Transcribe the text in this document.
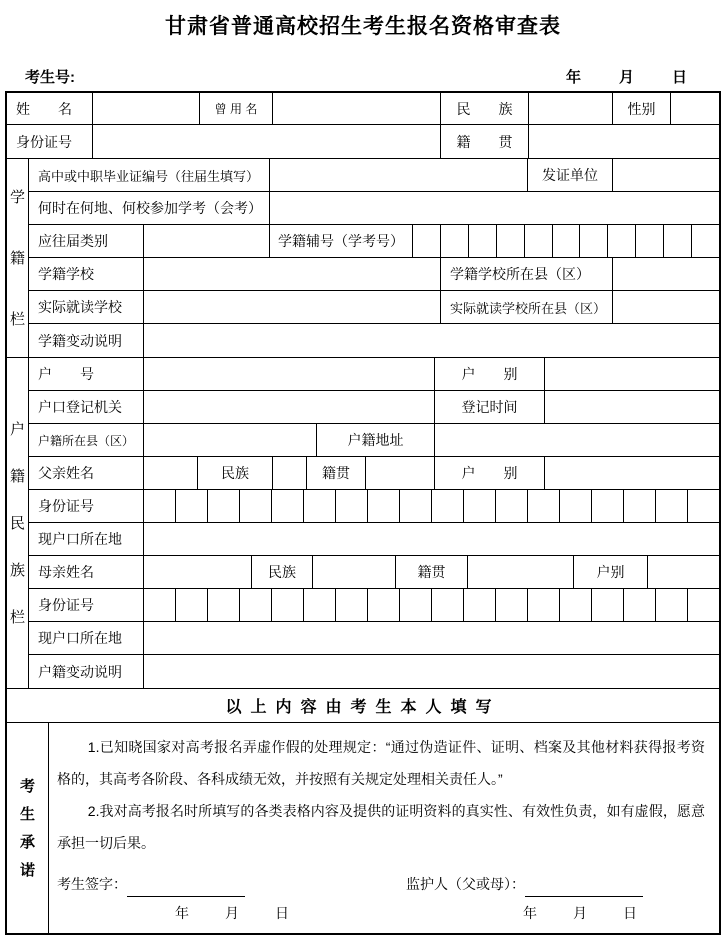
甘肃省普通高校招生考生报名资格审查表
考生号:	年	月	日
姓　　名	曾 用 名	民　　族	性别
身份证号	籍　　贯
学
籍
栏
高中或中职毕业证编号（往届生填写）	发证单位
何时在何地、何校参加学考（会考）
应往届类别	学籍辅号（学考号）
学籍学校	学籍学校所在县（区）
实际就读学校	实际就读学校所在县（区）
学籍变动说明
户
籍
民
族
栏
户　　号	户　　别
户口登记机关	登记时间
户籍所在县（区）	户籍地址
父亲姓名	民族	籍贯	户　　别
身份证号
现户口所在地
母亲姓名	民族	籍贯	户别
身份证号
现户口所在地
户籍变动说明
以上内容由考生本人填写
考
生
承
诺

1.已知晓国家对高考报名弄虚作假的处理规定：“通过伪造证件、证明、档案及其他材料获得报考资格的，其高考各阶段、各科成绩无效，并按照有关规定处理相关责任人。”

2.我对高考报名时所填写的各类表格内容及提供的证明资料的真实性、有效性负责，如有虚假，愿意承担一切后果。

考生签字：	监护人（父或母）：
年	月	日	年	月	日
